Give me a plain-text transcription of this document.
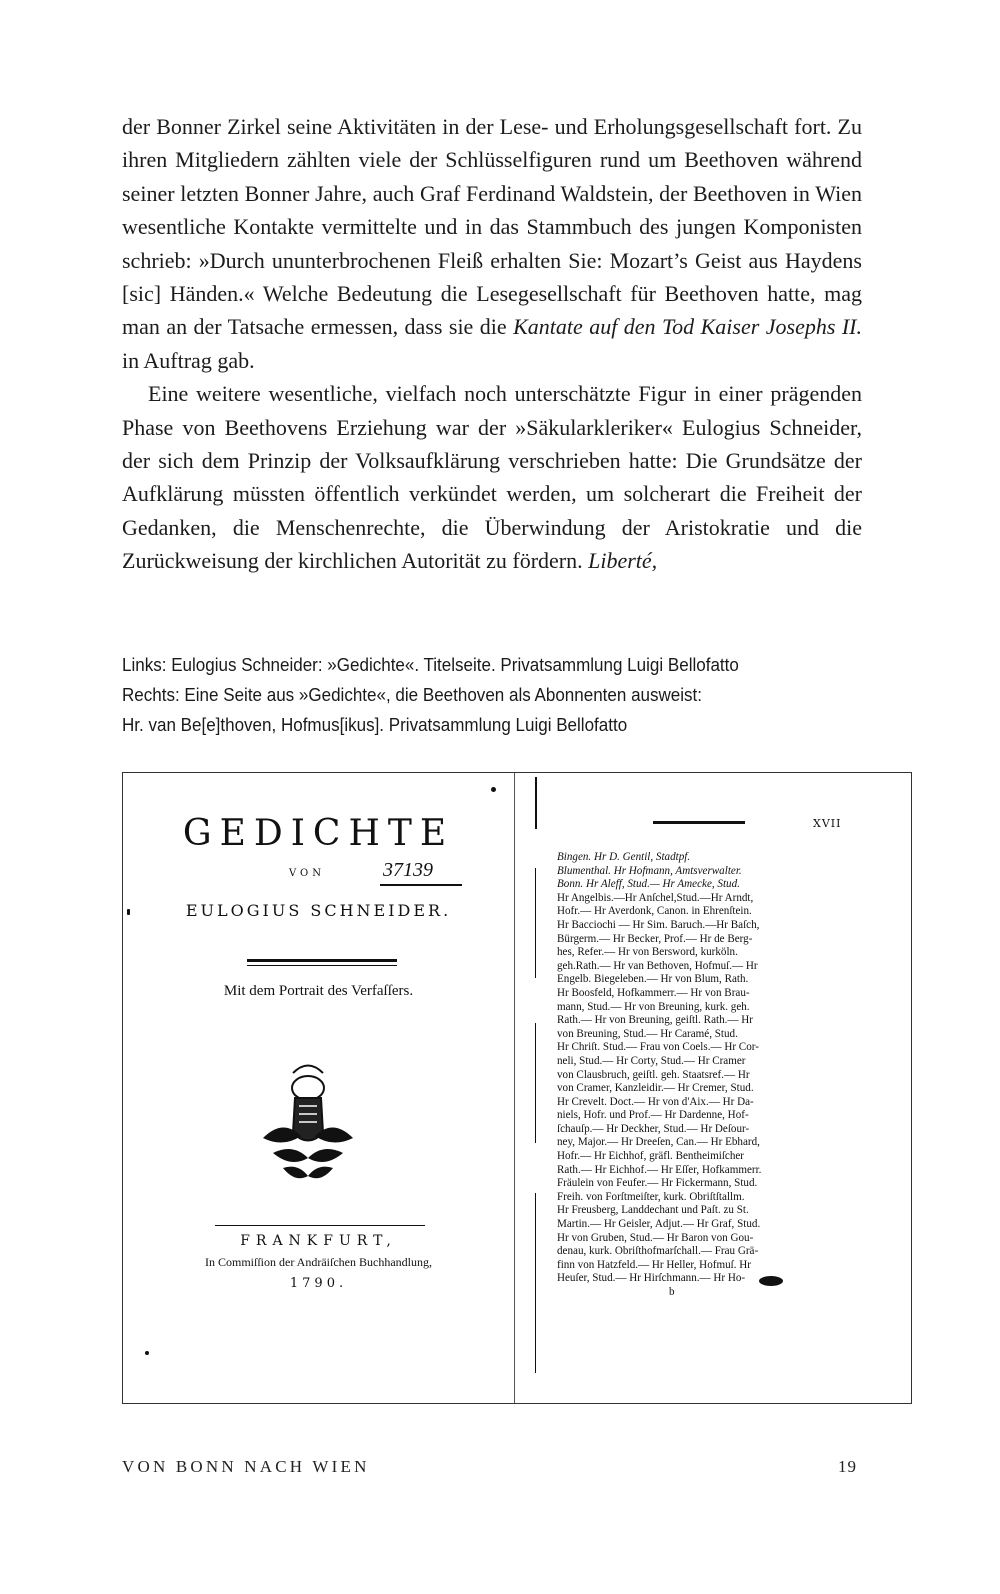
der Bonner Zirkel seine Aktivitäten in der Lese- und Erholungsgesellschaft fort. Zu ihren Mitgliedern zählten viele der Schlüsselfiguren rund um Beethoven während seiner letzten Bonner Jahre, auch Graf Ferdinand Waldstein, der Beethoven in Wien wesentliche Kontakte vermittelte und in das Stammbuch des jungen Komponisten schrieb: »Durch ununterbrochenen Fleiß erhalten Sie: Mozart’s Geist aus Haydens [sic] Händen.« Welche Bedeutung die Lesegesellschaft für Beethoven hatte, mag man an der Tatsache ermessen, dass sie die Kantate auf den Tod Kaiser Josephs II. in Auftrag gab.

Eine weitere wesentliche, vielfach noch unterschätzte Figur in einer prägenden Phase von Beethovens Erziehung war der »Säkularkleriker« Eulogius Schneider, der sich dem Prinzip der Volksaufklärung verschrieben hatte: Die Grundsätze der Aufklärung müssten öffentlich verkündet werden, um solcherart die Freiheit der Gedanken, die Menschenrechte, die Überwindung der Aristokratie und die Zurückweisung der kirchlichen Autorität zu fördern. Liberté,

Links: Eulogius Schneider: »Gedichte«. Titelseite. Privatsammlung Luigi Bellofatto
Rechts: Eine Seite aus »Gedichte«, die Beethoven als Abonnenten ausweist:
Hr. van Be[e]thoven, Hofmus[ikus]. Privatsammlung Luigi Bellofatto
GEDICHTE
VON	37139
EULOGIUS SCHNEIDER.
Mit dem Portrait des Verfaſſers.
FRANKFURT,
In Commiſſion der Andräiſchen Buchhandlung,
1790.
XVII
Bingen. Hr D. Gentil, Stadtpf.
Blumenthal. Hr Hofmann, Amtsverwalter.
Bonn. Hr Aleff, Stud.— Hr Amecke, Stud.
Hr Angelbis.—Hr Anſchel,Stud.—Hr Arndt,
Hofr.— Hr Averdonk, Canon. in Ehrenſtein.
Hr Bacciochi — Hr Sim. Baruch.—Hr Baſch,
Bürgerm.— Hr Becker, Prof.— Hr de Berg-
hes, Refer.— Hr von Bersword, kurköln.
geh.Rath.— Hr van Bethoven, Hofmuſ.— Hr
Engelb. Biegeleben.— Hr von Blum, Rath.
Hr Boosfeld, Hofkammerr.— Hr von Brau-
mann, Stud.— Hr von Breuning, kurk. geh.
Rath.— Hr von Breuning, geiſtl. Rath.— Hr
von Breuning, Stud.— Hr Caramé, Stud.
Hr Chriſt. Stud.— Frau von Coels.— Hr Cor-
neli, Stud.— Hr Corty, Stud.— Hr Cramer
von Clausbruch, geiſtl. geh. Staatsref.— Hr
von Cramer, Kanzleidir.— Hr Cremer, Stud.
Hr Crevelt. Doct.— Hr von d'Aix.— Hr Da-
niels, Hofr. und Prof.— Hr Dardenne, Hof-
ſchauſp.— Hr Deckher, Stud.— Hr Deſour-
ney, Major.— Hr Dreeſen, Can.— Hr Ebhard,
Hofr.— Hr Eichhof, gräfl. Bentheimiſcher
Rath.— Hr Eichhof.— Hr Eſſer, Hofkammerr.
Fräulein von Feufer.— Hr Fickermann, Stud.
Freih. von Forſtmeiſter, kurk. Obriſtſtallm.
Hr Freusberg, Landdechant und Paſt. zu St.
Martin.— Hr Geisler, Adjut.— Hr Graf, Stud.
Hr von Gruben, Stud.— Hr Baron von Gou-
denau, kurk. Obriſthofmarſchall.— Frau Grä-
finn von Hatzfeld.— Hr Heller, Hofmuſ. Hr
Heuſer, Stud.— Hr Hirſchmann.— Hr Ho-
b
VON BONN NACH WIEN	19
